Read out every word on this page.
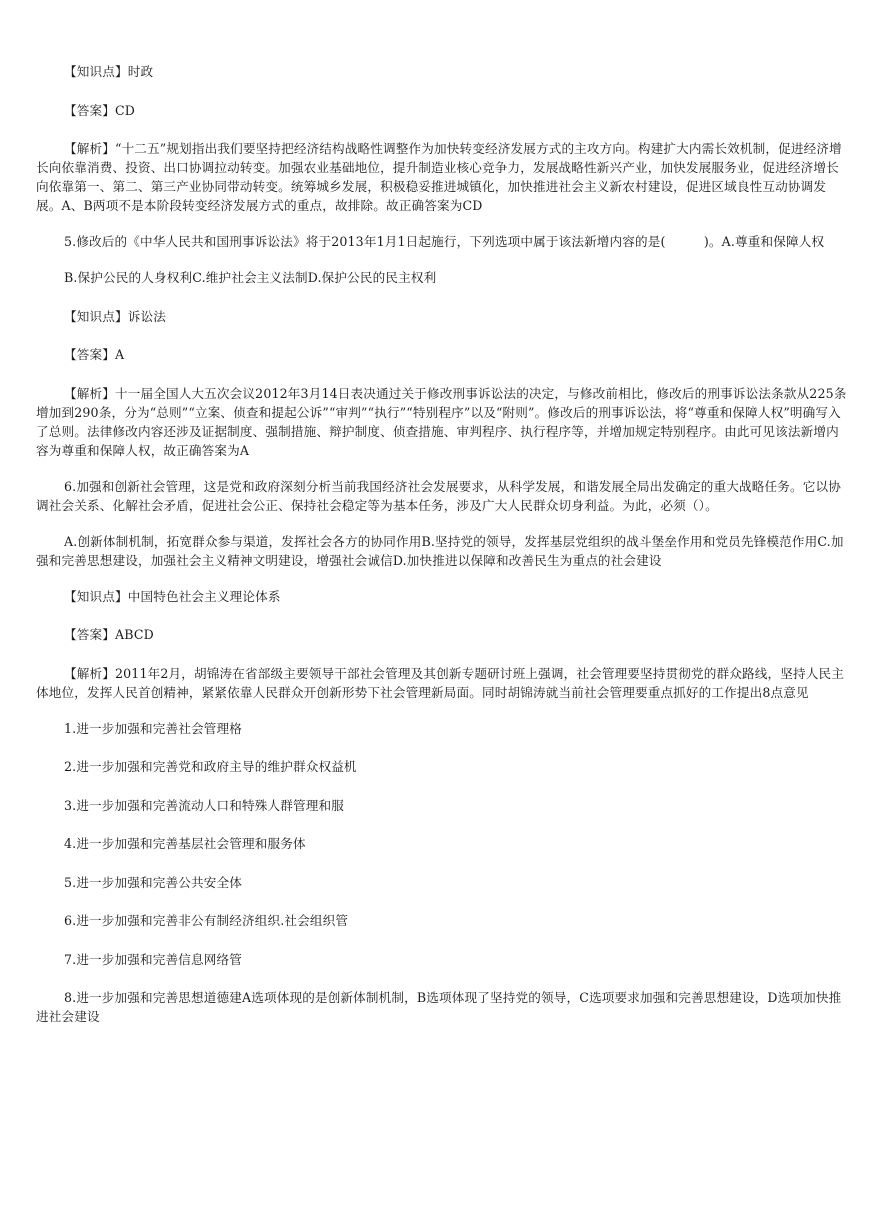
【知识点】时政

【答案】CD

【解析】“十二五”规划指出我们要坚持把经济结构战略性调整作为加快转变经济发展方式的主攻方向。构建扩大内需长效机制，促进经济增长向依靠消费、投资、出口协调拉动转变。加强农业基础地位，提升制造业核心竞争力，发展战略性新兴产业，加快发展服务业，促进经济增长向依靠第一、第二、第三产业协同带动转变。统筹城乡发展，积极稳妥推进城镇化，加快推进社会主义新农村建设，促进区域良性互动协调发展。A、B两项不是本阶段转变经济发展方式的重点，故排除。故正确答案为CD

5.修改后的《中华人民共和国刑事诉讼法》将于2013年1月1日起施行，下列选项中属于该法新增内容的是(　　　)。A.尊重和保障人权

B.保护公民的人身权利C.维护社会主义法制D.保护公民的民主权利

【知识点】诉讼法

【答案】A

【解析】十一届全国人大五次会议2012年3月14日表决通过关于修改刑事诉讼法的决定，与修改前相比，修改后的刑事诉讼法条款从225条增加到290条，分为“总则”“立案、侦查和提起公诉”“审判”“执行”“特别程序”以及“附则”。修改后的刑事诉讼法，将“尊重和保障人权”明确写入了总则。法律修改内容还涉及证据制度、强制措施、辩护制度、侦查措施、审判程序、执行程序等，并增加规定特别程序。由此可见该法新增内容为尊重和保障人权，故正确答案为A

6.加强和创新社会管理，这是党和政府深刻分析当前我国经济社会发展要求，从科学发展，和谐发展全局出发确定的重大战略任务。它以协调社会关系、化解社会矛盾，促进社会公正、保持社会稳定等为基本任务，涉及广大人民群众切身利益。为此，必须（）。

A.创新体制机制，拓宽群众参与渠道，发挥社会各方的协同作用B.坚持党的领导，发挥基层党组织的战斗堡垒作用和党员先锋模范作用C.加强和完善思想建设，加强社会主义精神文明建设，增强社会诚信D.加快推进以保障和改善民生为重点的社会建设

【知识点】中国特色社会主义理论体系

【答案】ABCD

【解析】2011年2月，胡锦涛在省部级主要领导干部社会管理及其创新专题研讨班上强调，社会管理要坚持贯彻党的群众路线，坚持人民主体地位，发挥人民首创精神，紧紧依靠人民群众开创新形势下社会管理新局面。同时胡锦涛就当前社会管理要重点抓好的工作提出8点意见

1.进一步加强和完善社会管理格

2.进一步加强和完善党和政府主导的维护群众权益机

3.进一步加强和完善流动人口和特殊人群管理和服

4.进一步加强和完善基层社会管理和服务体

5.进一步加强和完善公共安全体

6.进一步加强和完善非公有制经济组织.社会组织管

7.进一步加强和完善信息网络管

8.进一步加强和完善思想道德建A选项体现的是创新体制机制，B选项体现了坚持党的领导，C选项要求加强和完善思想建设，D选项加快推进社会建设
